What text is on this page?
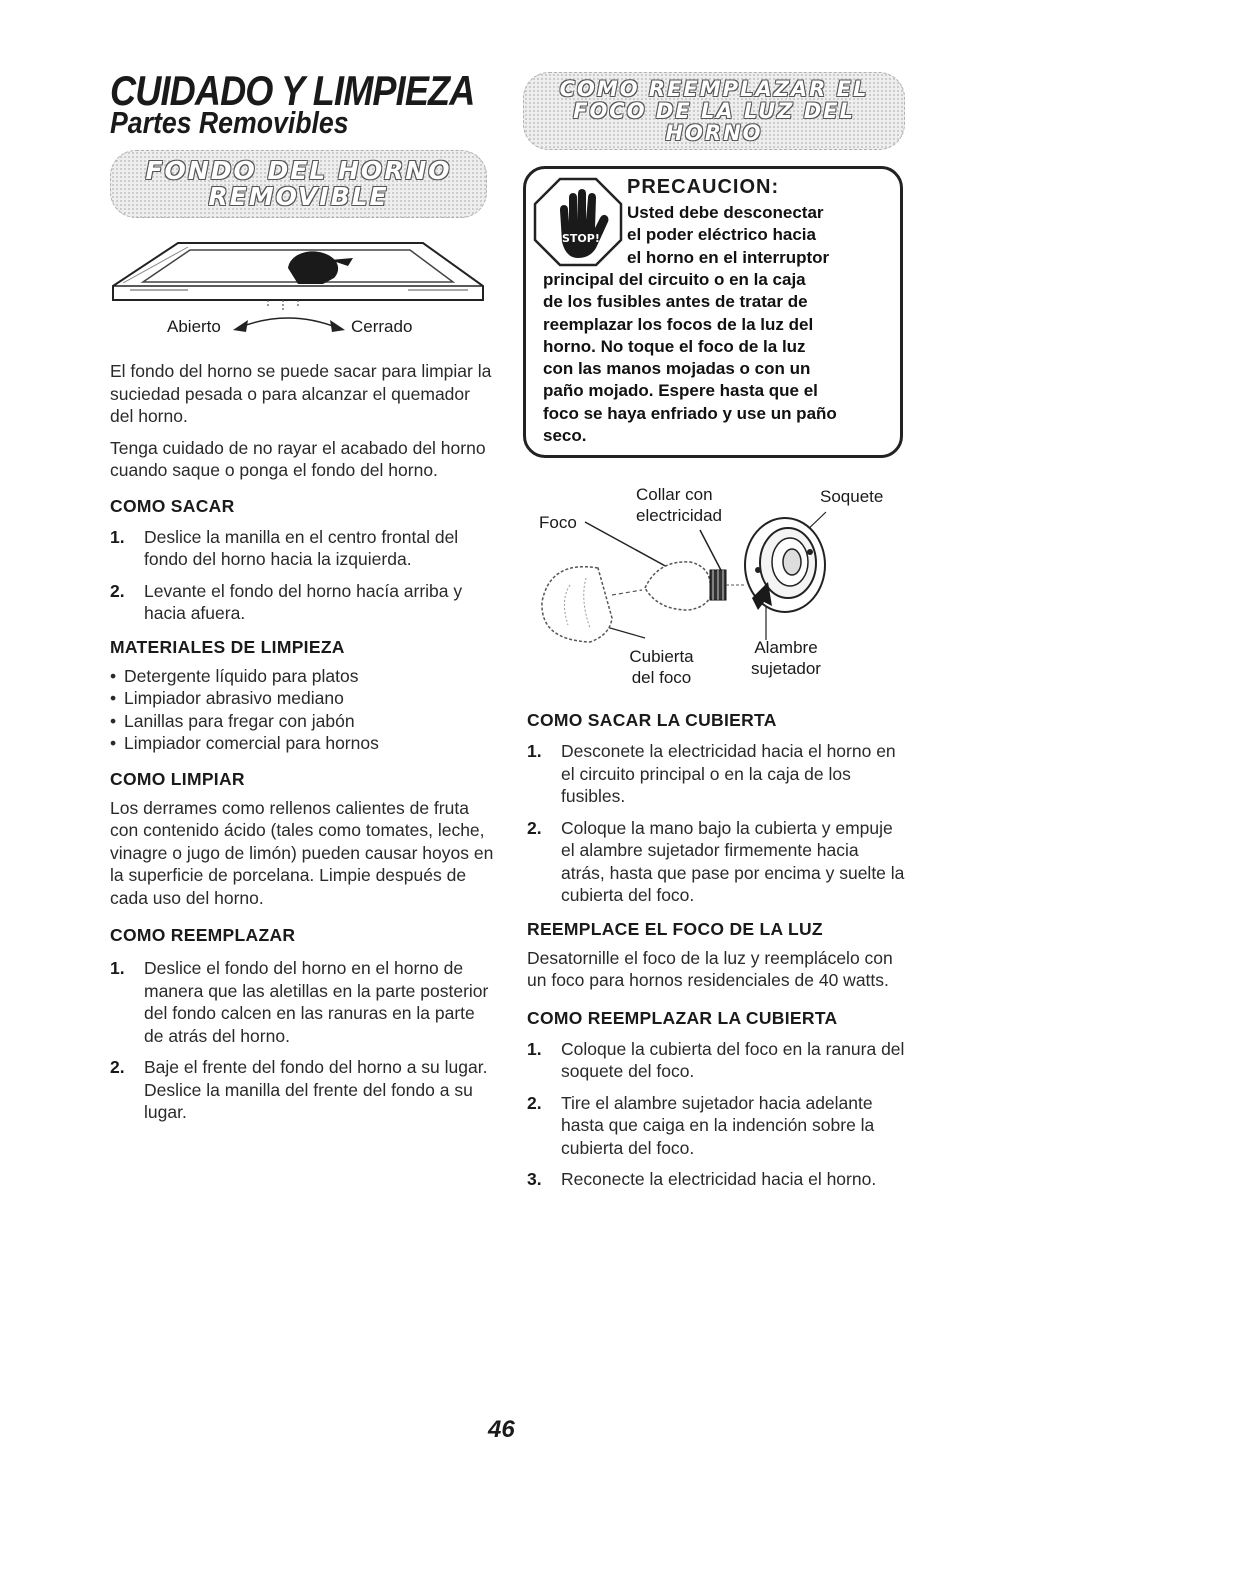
CUIDADO Y LIMPIEZA
Partes Removibles
FONDO DEL HORNO
REMOVIBLE
Abierto	Cerrado

El fondo del horno se puede sacar para limpiar la suciedad pesada o para alcanzar el quemador del horno.

Tenga cuidado de no rayar el acabado del horno cuando saque o ponga el fondo del horno.

COMO SACAR
1. Deslice la manilla en el centro frontal del fondo del horno hacia la izquierda.
2. Levante el fondo del horno hacía arriba y hacia afuera.
MATERIALES DE LIMPIEZA
• Detergente líquido para platos
• Limpiador abrasivo mediano
• Lanillas para fregar con jabón
• Limpiador comercial para hornos
COMO LIMPIAR

Los derrames como rellenos calientes de fruta con contenido ácido (tales como tomates, leche, vinagre o jugo de limón) pueden causar hoyos en la superficie de porcelana. Limpie después de cada uso del horno.

COMO REEMPLAZAR
1. Deslice el fondo del horno en el horno de manera que las aletillas en la parte posterior del fondo calcen en las ranuras en la parte de atrás del horno.
2. Baje el frente del fondo del horno a su lugar. Deslice la manilla del frente del fondo a su lugar.
COMO REEMPLAZAR EL
FOCO DE LA LUZ DEL HORNO
STOP!
PRECAUCION:
Usted debe desconectar
el poder eléctrico hacia
el horno en el interruptor
principal del circuito o en la caja
de los fusibles antes de tratar de
reemplazar los focos de la luz del
horno. No toque el foco de la luz
con las manos mojadas o con un
paño mojado. Espere hasta que el
foco se haya enfriado y use un paño
seco.
Foco
Collar con
electricidad
Soquete
Cubierta
del foco
Alambre
sujetador
COMO SACAR LA CUBIERTA
1. Desconete la electricidad hacia el horno en el circuito principal o en la caja de los fusibles.
2. Coloque la mano bajo la cubierta y empuje el alambre sujetador firmemente hacia atrás, hasta que pase por encima y suelte la cubierta del foco.
REEMPLACE EL FOCO DE LA LUZ

Desatornille el foco de la luz y reemplácelo con un foco para hornos residenciales de 40 watts.

COMO REEMPLAZAR LA CUBIERTA
1. Coloque la cubierta del foco en la ranura del soquete del foco.
2. Tire el alambre sujetador hacia adelante hasta que caiga en la indención sobre la cubierta del foco.
3. Reconecte la electricidad hacia el horno.
46
